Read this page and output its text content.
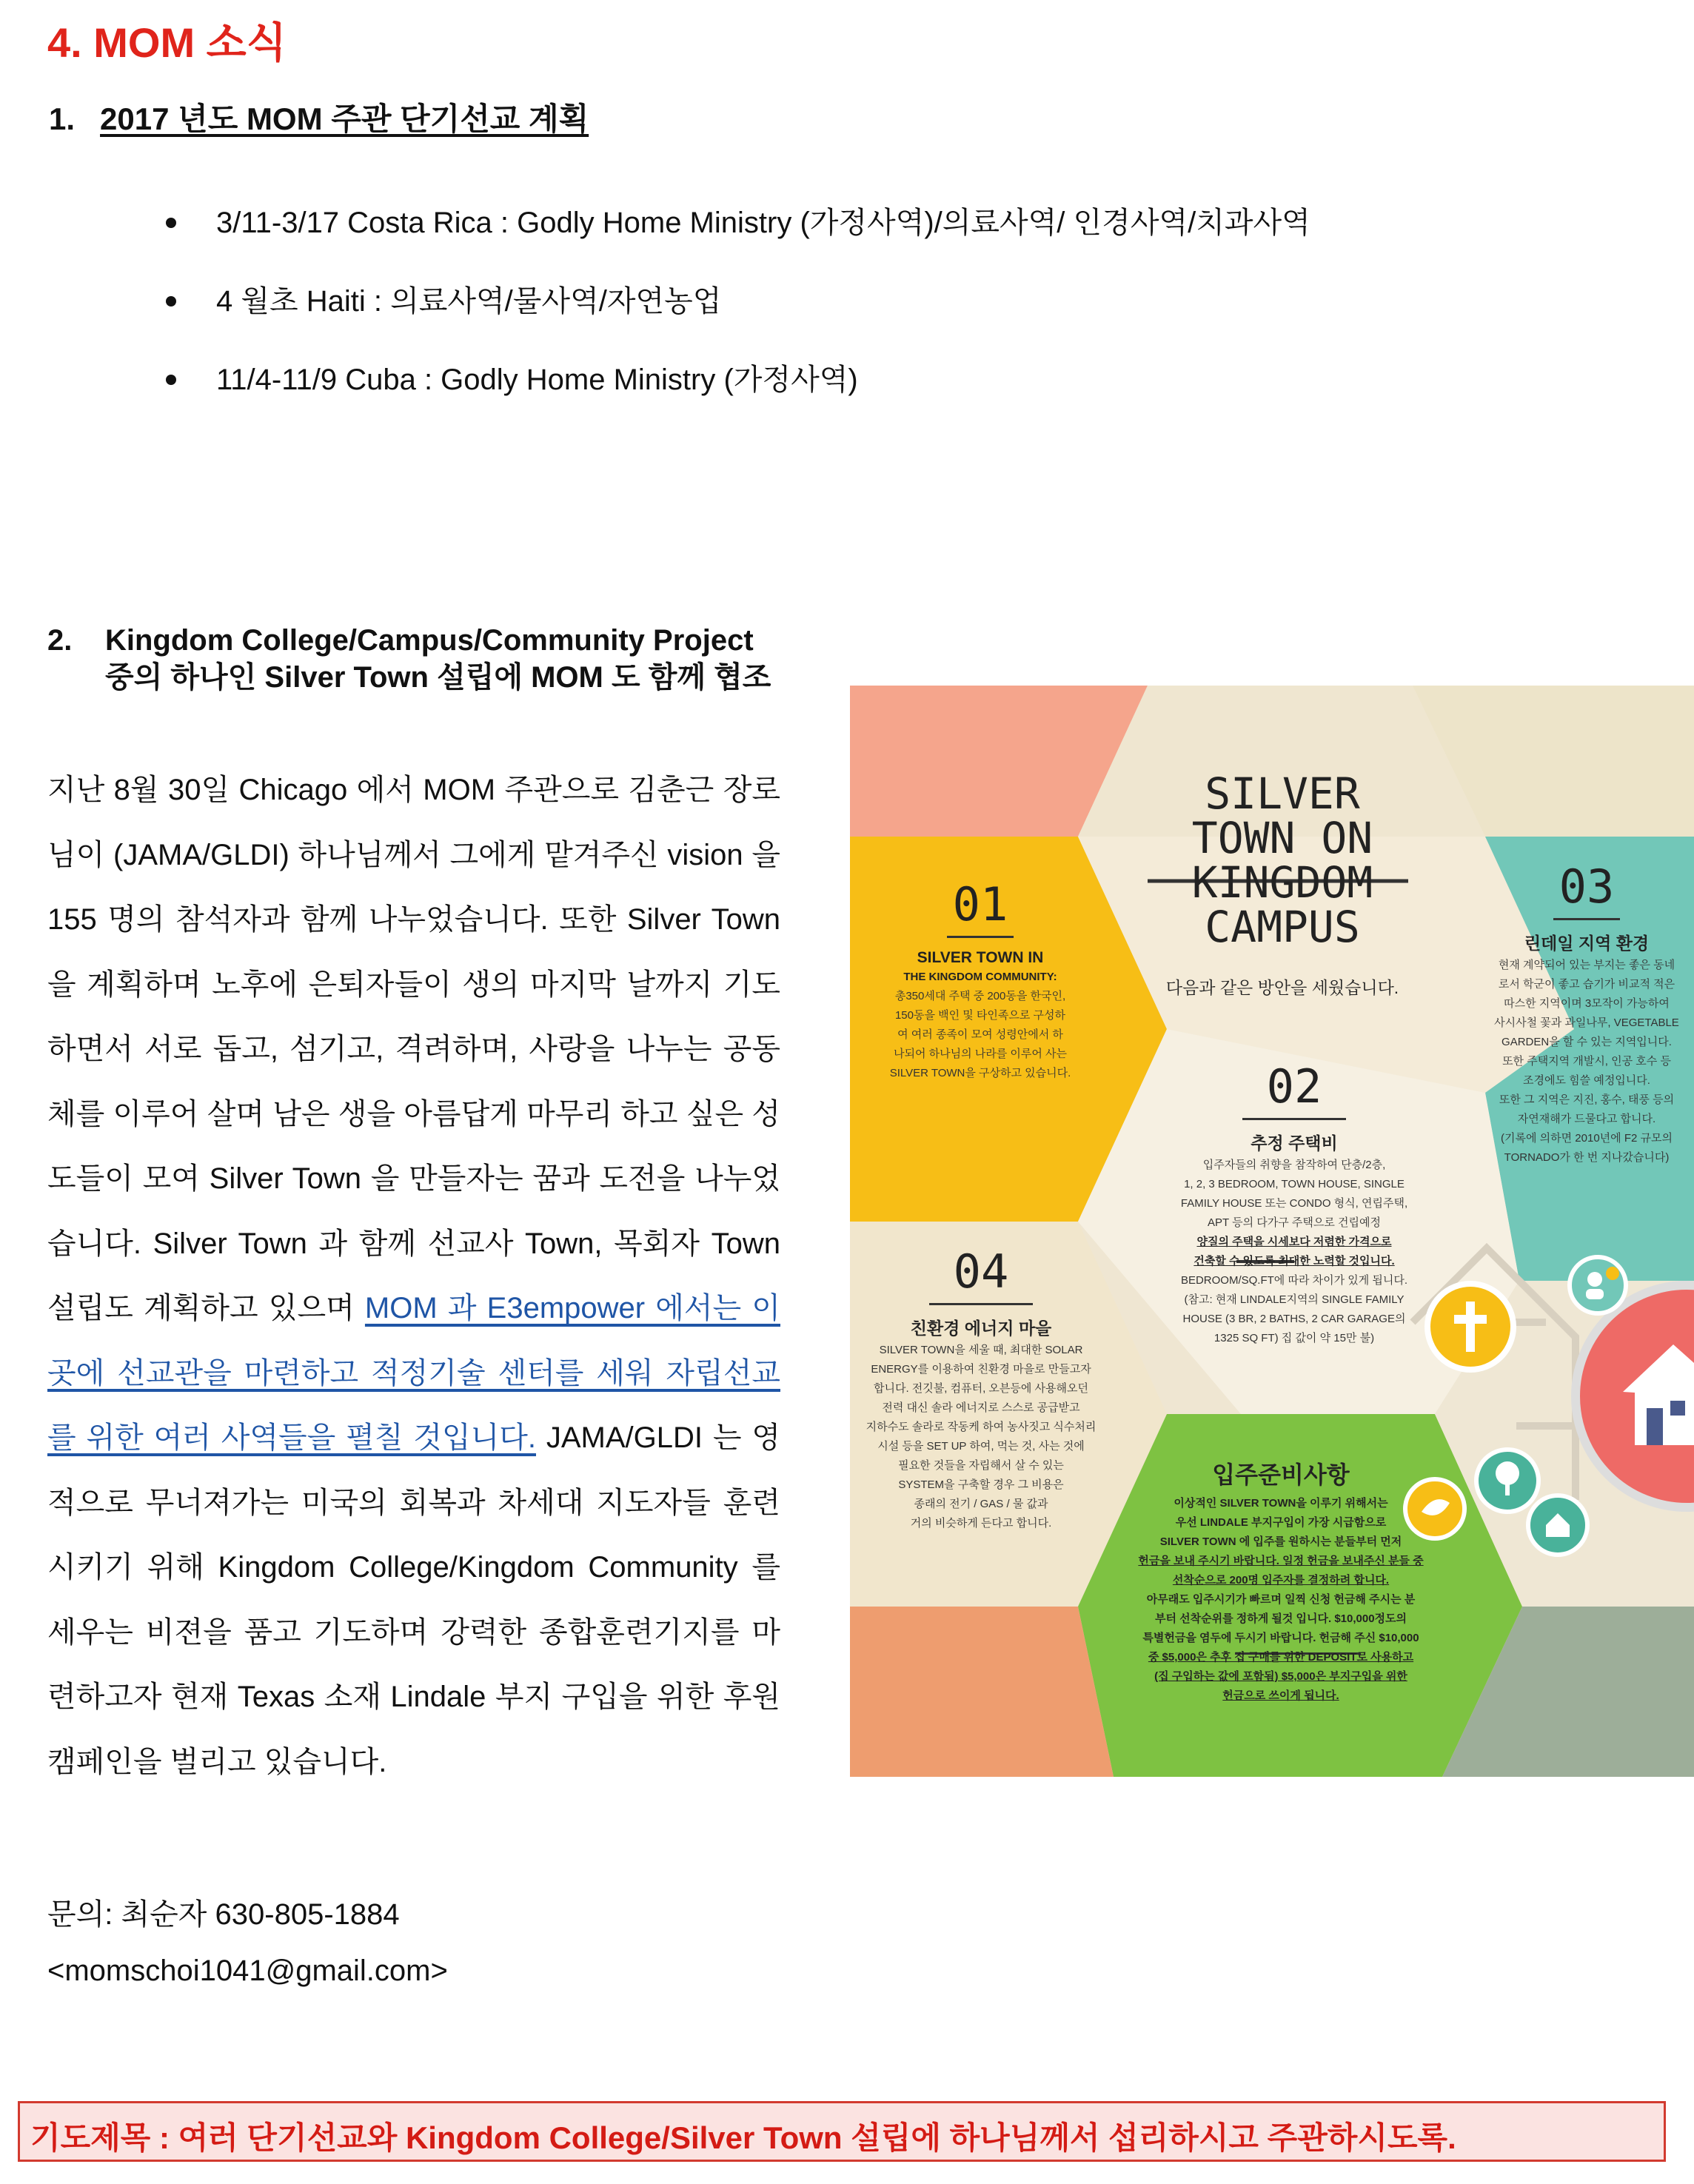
4. MOM 소식
1. 2017 년도 MOM 주관 단기선교 계획
3/11-3/17 Costa Rica : Godly Home Ministry (가정사역)/의료사역/ 인경사역/치과사역
4 월초 Haiti : 의료사역/물사역/자연농업
11/4-11/9 Cuba : Godly Home Ministry (가정사역)
2. Kingdom College/Campus/Community Project 중의 하나인 Silver Town 설립에 MOM 도 함께 협조

지난 8월 30일 Chicago 에서 MOM 주관으로 김춘근 장로님이 (JAMA/GLDI) 하나님께서 그에게 맡겨주신 vision 을 155 명의 참석자과 함께 나누었습니다. 또한 Silver Town 을 계획하며 노후에 은퇴자들이 생의 마지막 날까지 기도하면서 서로 돕고, 섬기고, 격려하며, 사랑을 나누는 공동체를 이루어 살며 남은 생을 아름답게 마무리 하고 싶은 성도들이 모여 Silver Town 을 만들자는 꿈과 도전을 나누었습니다. Silver Town 과 함께 선교사 Town, 목회자 Town 설립도 계획하고 있으며 MOM 과 E3empower 에서는 이곳에 선교관을 마련하고 적정기술 센터를 세워 자립선교를 위한 여러 사역들을 펼칠 것입니다. JAMA/GLDI 는 영적으로 무너져가는 미국의 회복과 차세대 지도자들 훈련시키기 위해 Kingdom College/Kingdom Community 를 세우는 비젼을 품고 기도하며 강력한 종합훈련기지를 마련하고자 현재 Texas 소재 Lindale 부지 구입을 위한 후원 캠페인을 벌리고 있습니다.

문의: 최순자 630-805-1884
<momschoi1041@gmail.com>
SILVER TOWN ON
KINGDOM CAMPUS
다음과 같은 방안을 세웠습니다.
01
SILVER TOWN IN
THE KINGDOM COMMUNITY:
총350세대 주택 중 200동을 한국인,
150동을 백인 및 타인족으로 구성하
여 여러 종족이 모여 성령안에서 하
나되어 하나님의 나라를 이루어 사는
SILVER TOWN을 구상하고 있습니다.
03
린데일 지역 환경
현재 계약되어 있는 부지는 좋은 동네
로서 학군이 좋고 습기가 비교적 적은
따스한 지역이며 3모작이 가능하여
사시사철 꽃과 과일나무, VEGETABLE
GARDEN을 할 수 있는 지역입니다.
또한 주택지역 개발시, 인공 호수 등
조경에도 힘쓸 예정입니다.
또한 그 지역은 지진, 홍수, 태풍 등의
자연재해가 드물다고 합니다.
(기록에 의하면 2010년에 F2 규모의
TORNADO가 한 번 지나갔습니다)
02
추정 주택비
입주자들의 취향을 참작하여 단층/2층,
1, 2, 3 BEDROOM, TOWN HOUSE, SINGLE
FAMILY HOUSE 또는 CONDO 형식, 연립주택,
APT 등의 다가구 주택으로 건립예정
양질의 주택을 시세보다 저렴한 가격으로
건축할 수 있도록 최대한 노력할 것입니다.
BEDROOM/SQ.FT에 따라 차이가 있게 됩니다.
(참고: 현재 LINDALE지역의 SINGLE FAMILY
HOUSE (3 BR, 2 BATHS, 2 CAR GARAGE의
1325 SQ FT) 집 값이 약 15만 불)
04
친환경 에너지 마을
SILVER TOWN을 세울 때, 최대한 SOLAR
ENERGY를 이용하여 친환경 마을로 만들고자
합니다. 전깃불, 컴퓨터, 오븐등에 사용해오던
전력 대신 솔라 에너지로 스스로 공급받고
지하수도 솔라로 작동케 하여 농사짓고 식수처리
시설 등을 SET UP 하여, 먹는 것, 사는 것에
필요한 것들을 자립해서 살 수 있는
SYSTEM을 구축할 경우 그 비용은
종래의 전기 / GAS / 물 값과
거의 비슷하게 든다고 합니다.
입주준비사항
이상적인 SILVER TOWN을 이루기 위해서는
우선 LINDALE 부지구입이 가장 시급함으로
SILVER TOWN 에 입주를 원하시는 분들부터 먼저
헌금을 보내 주시기 바랍니다. 일정 헌금을 보내주신 분들 중
선착순으로 200명 입주자를 결정하려 합니다.
아무래도 입주시기가 빠르며 일찍 신청 헌금해 주시는 분
부터 선착순위를 정하게 될것 입니다. $10,000정도의
특별헌금을 염두에 두시기 바랍니다. 헌금해 주신 $10,000
중 $5,000은 추후 집 구매를 위한 DEPOSIT로 사용하고
(집 구입하는 값에 포함됨) $5,000은 부지구입을 위한
헌금으로 쓰이게 됩니다.
기도제목 : 여러 단기선교와 Kingdom College/Silver Town 설립에 하나님께서 섭리하시고 주관하시도록.
